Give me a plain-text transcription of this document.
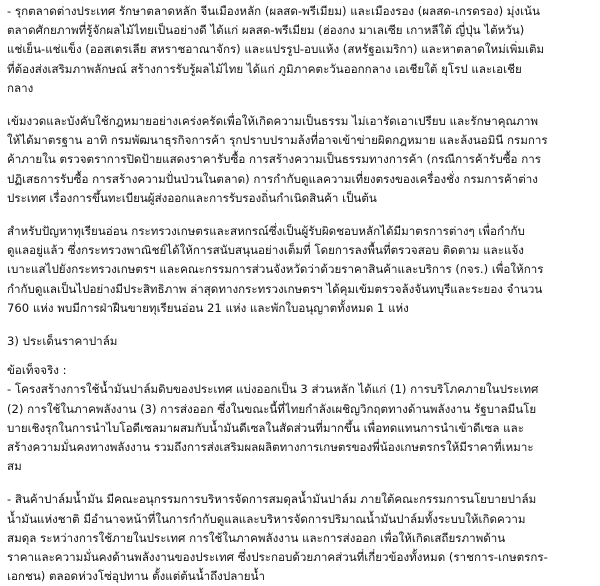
- รุกตลาดต่างประเทศ รักษาตลาดหลัก จีนเมืองหลัก (ผลสด-พรีเมียม) และเมืองรอง (ผลสด-เกรดรอง) มุ่งเน้น
ตลาดศักยภาพที่รู้จักผลไม้ไทยเป็นอย่างดี ได้แก่ ผลสด-พรีเมียม (ฮ่องกง มาเลเซีย เกาหลีใต้ ญี่ปุ่น ไต้หวัน)
แช่เย็น-แช่แข็ง (ออสเตรเลีย สหราชอาณาจักร) และแปรรูป-อบแห้ง (สหรัฐอเมริกา) และหาตลาดใหม่เพิ่มเติม
ที่ต้องส่งเสริมภาพลักษณ์ สร้างการรับรู้ผลไม้ไทย ได้แก่ ภูมิภาคตะวันออกกลาง เอเชียใต้ ยุโรป และเอเชีย
กลาง
เข้มงวดและบังคับใช้กฎหมายอย่างเคร่งครัดเพื่อให้เกิดความเป็นธรรม ไม่เอารัดเอาเปรียบ และรักษาคุณภาพ
ให้ได้มาตรฐาน อาทิ กรมพัฒนาธุรกิจการค้า รุกปราบปรามล้งที่อาจเข้าข่ายผิดกฎหมาย และล้งนอมินี กรมการ
ค้าภายใน ตรวจตราการปิดป้ายแสดงราคารับซื้อ การสร้างความเป็นธรรมทางการค้า (กรณีการค้ารับซื้อ การ
ปฏิเสธการรับซื้อ การสร้างความปั่นป่วนในตลาด) การกำกับดูแลความเที่ยงตรงของเครื่องชั่ง กรมการค้าต่าง
ประเทศ เรื่องการขึ้นทะเบียนผู้ส่งออกและการรับรองถิ่นกำเนิดสินค้า เป็นต้น
สำหรับปัญหาทุเรียนอ่อน กระทรวงเกษตรและสหกรณ์ซึ่งเป็นผู้รับผิดชอบหลักได้มีมาตรการต่างๆ เพื่อกำกับ
ดูแลอยู่แล้ว ซึ่งกระทรวงพาณิชย์ได้ให้การสนับสนุนอย่างเต็มที่ โดยการลงพื้นที่ตรวจสอบ ติดตาม และแจ้ง
เบาะแสไปยังกระทรวงเกษตรฯ และคณะกรรมการส่วนจังหวัดว่าด้วยราคาสินค้าและบริการ (กจร.) เพื่อให้การ
กำกับดูแลเป็นไปอย่างมีประสิทธิภาพ ล่าสุดทางกระทรวงเกษตรฯ ได้คุมเข้มตรวจล้งจันทบุรีและระยอง จำนวน
760 แห่ง พบมีการฝ่าฝืนขายทุเรียนอ่อน 21 แห่ง และพักใบอนุญาตทั้งหมด 1 แห่ง
3) ประเด็นราคาปาล์ม
ข้อเท็จจริง :
- โครงสร้างการใช้น้ำมันปาล์มดิบของประเทศ แบ่งออกเป็น 3 ส่วนหลัก ได้แก่ (1) การบริโภคภายในประเทศ
(2) การใช้ในภาคพลังงาน (3) การส่งออก ซึ่งในขณะนี้ที่ไทยกำลังเผชิญวิกฤตทางด้านพลังงาน รัฐบาลมีนโย
บายเชิงรุกในการนำไบโอดีเซลมาผสมกับน้ำมันดีเซลในสัดส่วนที่มากขึ้น เพื่อทดแทนการนำเข้าดีเซล และ
สร้างความมั่นคงทางพลังงาน รวมถึงการส่งเสริมผลผลิตทางการเกษตรของพี่น้องเกษตรกรให้มีราคาที่เหมาะ
สม
- สินค้าปาล์มน้ำมัน มีคณะอนุกรรมการบริหารจัดการสมดุลน้ำมันปาล์ม ภายใต้คณะกรรมการนโยบายปาล์ม
น้ำมันแห่งชาติ มีอำนาจหน้าที่ในการกำกับดูแลและบริหารจัดการปริมาณน้ำมันปาล์มทั้งระบบให้เกิดความ
สมดุล ระหว่างการใช้ภายในประเทศ การใช้ในภาคพลังงาน และการส่งออก เพื่อให้เกิดเสถียรภาพด้าน
ราคาและความมั่นคงด้านพลังงานของประเทศ ซึ่งประกอบด้วยภาคส่วนที่เกี่ยวข้องทั้งหมด (ราชการ-เกษตรกร-
เอกชน) ตลอดห่วงโซ่อุปทาน ตั้งแต่ต้นน้ำถึงปลายน้ำ
